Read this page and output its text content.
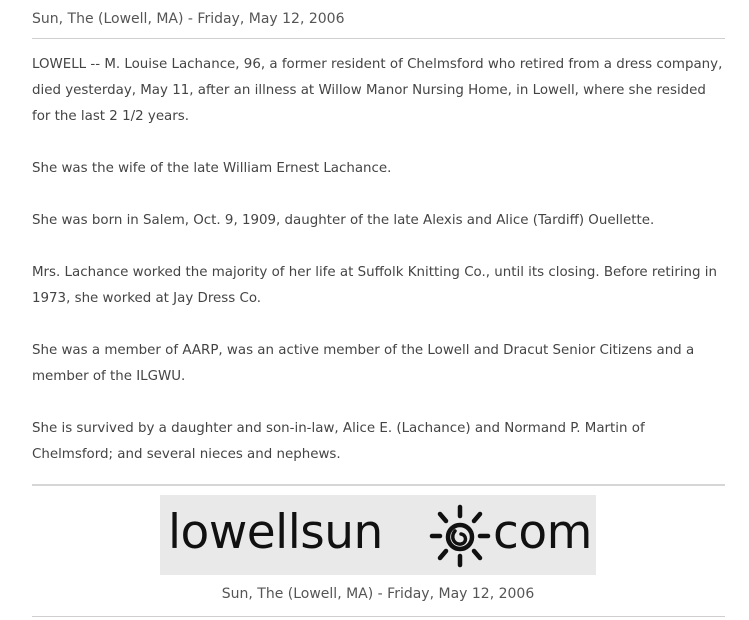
Sun, The (Lowell, MA) - Friday, May 12, 2006

LOWELL -- M. Louise Lachance, 96, a former resident of Chelmsford who retired from a dress company, died yesterday, May 11, after an illness at Willow Manor Nursing Home, in Lowell, where she resided for the last 2 1/2 years.

She was the wife of the late William Ernest Lachance.

She was born in Salem, Oct. 9, 1909, daughter of the late Alexis and Alice (Tardiff) Ouellette.

Mrs. Lachance worked the majority of her life at Suffolk Knitting Co., until its closing. Before retiring in 1973, she worked at Jay Dress Co.

She was a member of AARP, was an active member of the Lowell and Dracut Senior Citizens and a member of the ILGWU.

She is survived by a daughter and son-in-law, Alice E. (Lachance) and Normand P. Martin of Chelmsford; and several nieces and nephews.

lowellsun com
Sun, The (Lowell, MA) - Friday, May 12, 2006
